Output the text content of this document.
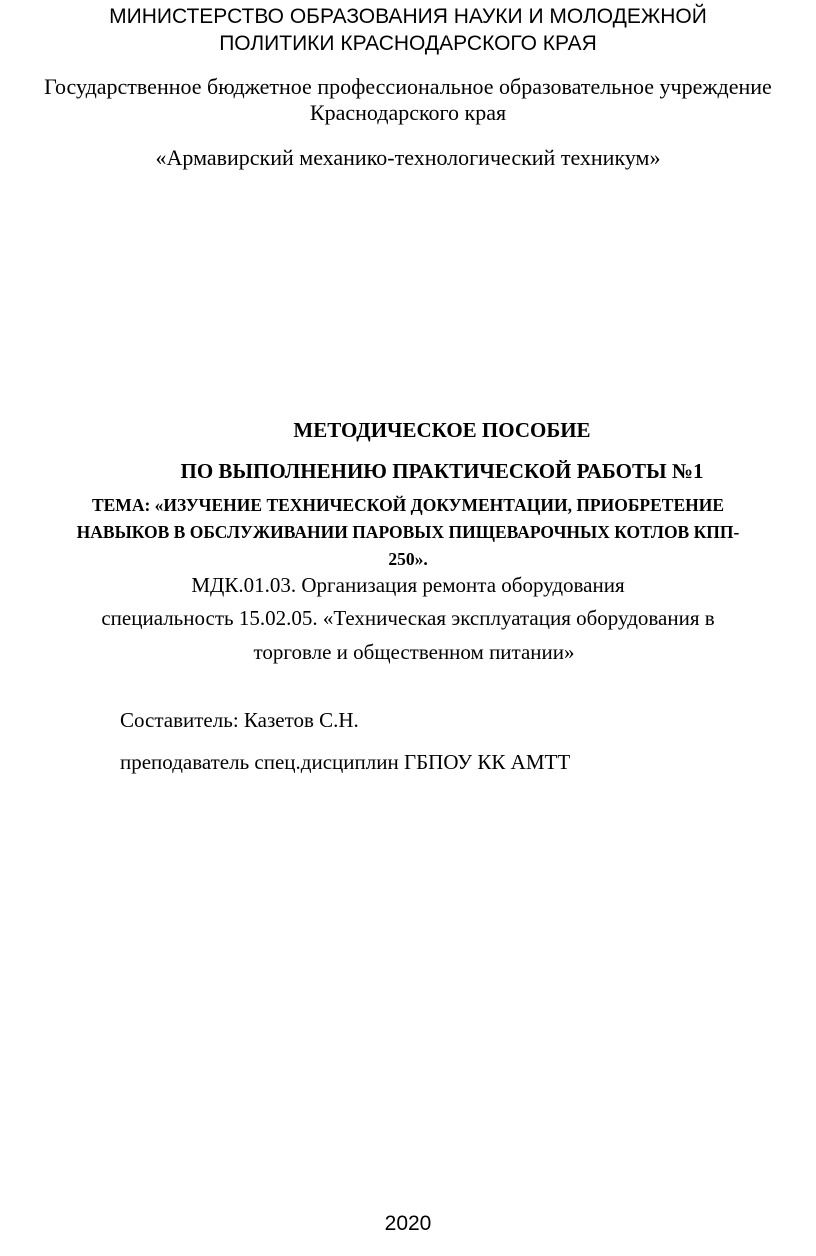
МИНИСТЕРСТВО ОБРАЗОВАНИЯ НАУКИ И МОЛОДЕЖНОЙ
ПОЛИТИКИ КРАСНОДАРСКОГО КРАЯ
Государственное бюджетное профессиональное образовательное учреждение
Краснодарского края
«Армавирский механико-технологический техникум»
МЕТОДИЧЕСКОЕ ПОСОБИЕ
ПО ВЫПОЛНЕНИЮ ПРАКТИЧЕСКОЙ РАБОТЫ №1
ТЕМА: «ИЗУЧЕНИЕ ТЕХНИЧЕСКОЙ ДОКУМЕНТАЦИИ, ПРИОБРЕТЕНИЕ
НАВЫКОВ В ОБСЛУЖИВАНИИ ПАРОВЫХ ПИЩЕВАРОЧНЫХ КОТЛОВ КПП-
250».
МДК.01.03. Организация ремонта оборудования
специальность 15.02.05. «Техническая эксплуатация оборудования в
торговле и общественном питании»
Составитель: Казетов С.Н.
преподаватель спец.дисциплин ГБПОУ КК АМТТ
2020
